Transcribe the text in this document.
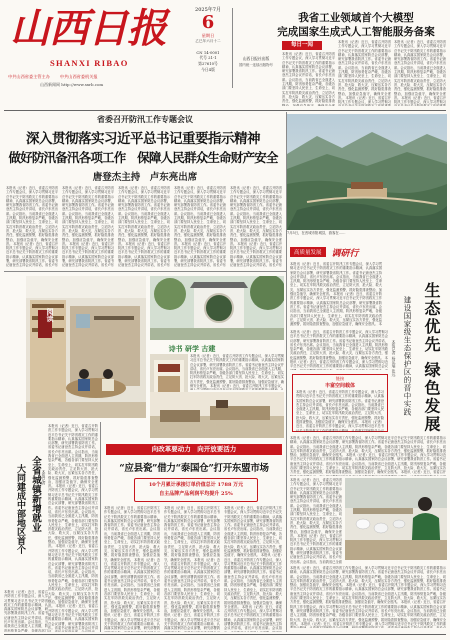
山西日报
SHANXI RIBAO
中共山西省委主管主办 中共山西省委机关报
山西新闻网 http://www.sxrb.com
2025年7月
6
星期日
乙巳年六月十二
CN 14-0001
代号 21-1
第27610号
今日4版
山西日报社出版
国内统一连续出版物号
我省工业领域首个大模型
完成国家生成式人工智能服务备案
每日一闻
本报讯（记者）近日，省委召开防汛工作专题会议，深入学习贯彻习近平总书记关于防汛救灾工作的重要指示精神，认真落实国家防总会议部署，研究部署我省防汛工作。省委书记唐登杰主持会议并讲话，省长卢东亮出席。会议指出，当前我省已全面进入主汛期，防汛形势复杂严峻，各级各部门要坚持人民至上、生命至上，切实扛牢防汛救灾政治责任，立足防大汛、抢大险、救大灾，压紧压实各方责任，强化监测预警，抓好隐患排查整治，加强应急值守，确保安全度汛。 本报讯（记者）近日，省委召开防汛工作专题会议，深入学习贯彻习近平总书记关于防汛救灾工作的重要指示精神，认真落实国家防总会议部署，研究部署我省防汛工作。省委书记唐登杰主持会议并讲话，省长卢东亮出席。会议指出，当前我省已全面进入主汛期，防汛形势复杂严峻，各级各部门要坚持人民至上、生命至上，切实扛牢防汛救灾政治责任，立足防大汛、抢大险、救大灾，压紧压实各方责任，强化监测预警，抓好隐患排查整治，加强应急值守，确保安全度汛。 本报讯（记者）近日，省委召开防汛工作专题会议，深入学习贯彻习近平总书记关于防汛救灾工作的重要指示精神，认真落实国家防总会议部署，研究部署我省防汛工作。省委书记唐登杰主持会议并讲话，省长卢东亮出席。会议指出，当前我省已全面进入主汛期，防汛形势复杂严峻，各级各部门要坚持人民至上、生命至上，切实扛牢防汛救灾政治责任，立足防大汛、抢大险、救大灾，压紧压实各方责任，强化监测预警，抓好隐患排查整治，加强应急值守，确保安全度汛。 本报讯（记者）近日，省委召开防汛工作专题会议，深入学习贯彻习近平总书记关于防汛救灾工作的重要指示精神，认真落实国家防总会议部署，研究部署我省防汛工作。省委书记唐登杰主持会议并讲话，省长卢东亮出席。会议指出，当前我省已全面进入主汛期，防汛形势复杂严峻，各级各部门要坚持人民至上、生命至上，切实扛牢防汛救灾政治责任，立足防大汛、抢大险、救大灾，压紧压实各方责任，强化监测预警，抓好隐患排查整治，加强应急值守，确保安全度汛。
本报讯（记者）近日，省委召开防汛工作专题会议，深入学习贯彻习近平总书记关于防汛救灾工作的重要指示精神，认真落实国家防总会议部署，研究部署我省防汛工作。省委书记唐登杰主持会议并讲话，省长卢东亮出席。会议指出，当前我省已全面进入主汛期，防汛形势复杂严峻，各级各部门要坚持人民至上、生命至上，切实扛牢防汛救灾政治责任，立足防大汛、抢大险、救大灾，压紧压实各方责任，强化监测预警，抓好隐患排查整治，加强应急值守，确保安全度汛。 本报讯（记者）近日，省委召开防汛工作专题会议，深入学习贯彻习近平总书记关于防汛救灾工作的重要指示精神，认真落实国家防总会议部署，研究部署我省防汛工作。省委书记唐登杰主持会议并讲话，省长卢东亮出席。会议指出，当前我省已全面进入主汛期，防汛形势复杂严峻，各级各部门要坚持人民至上、生命至上，切实扛牢防汛救灾政治责任，立足防大汛、抢大险、救大灾，压紧压实各方责任，强化监测预警，抓好隐患排查整治，加强应急值守，确保安全度汛。 本报讯（记者）近日，省委召开防汛工作专题会议，深入学习贯彻习近平总书记关于防汛救灾工作的重要指示精神，认真落实国家防总会议部署，研究部署我省防汛工作。省委书记唐登杰主持会议并讲话，省长卢东亮出席。会议指出，当前我省已全面进入主汛期，防汛形势复杂严峻，各级各部门要坚持人民至上、生命至上，切实扛牢防汛救灾政治责任，立足防大汛、抢大险、救大灾，压紧压实各方责任，强化监测预警，抓好隐患排查整治，加强应急值守，确保安全度汛。 本报讯（记者）近日，省委召开防汛工作专题会议，深入学习贯彻习近平总书记关于防汛救灾工作的重要指示精神，认真落实国家防总会议部署，研究部署我省防汛工作。省委书记唐登杰主持会议并讲话，省长卢东亮出席。会议指出，当前我省已全面进入主汛期，防汛形势复杂严峻，各级各部门要坚持人民至上、生命至上，切实扛牢防汛救灾政治责任，立足防大汛、抢大险、救大灾，压紧压实各方责任，强化监测预警，抓好隐患排查整治，加强应急值守，确保安全度汛。
本报讯（记者）近日，省委召开防汛工作专题会议，深入学习贯彻习近平总书记关于防汛救灾工作的重要指示精神，认真落实国家防总会议部署，研究部署我省防汛工作。省委书记唐登杰主持会议并讲话，省长卢东亮出席。会议指出，当前我省已全面进入主汛期，防汛形势复杂严峻，各级各部门要坚持人民至上、生命至上，切实扛牢防汛救灾政治责任，立足防大汛、抢大险、救大灾，压紧压实各方责任，强化监测预警，抓好隐患排查整治，加强应急值守，确保安全度汛。 本报讯（记者）近日，省委召开防汛工作专题会议，深入学习贯彻习近平总书记关于防汛救灾工作的重要指示精神，认真落实国家防总会议部署，研究部署我省防汛工作。省委书记唐登杰主持会议并讲话，省长卢东亮出席。会议指出，当前我省已全面进入主汛期，防汛形势复杂严峻，各级各部门要坚持人民至上、生命至上，切实扛牢防汛救灾政治责任，立足防大汛、抢大险、救大灾，压紧压实各方责任，强化监测预警，抓好隐患排查整治，加强应急值守，确保安全度汛。 本报讯（记者）近日，省委召开防汛工作专题会议，深入学习贯彻习近平总书记关于防汛救灾工作的重要指示精神，认真落实国家防总会议部署，研究部署我省防汛工作。省委书记唐登杰主持会议并讲话，省长卢东亮出席。会议指出，当前我省已全面进入主汛期，防汛形势复杂严峻，各级各部门要坚持人民至上、生命至上，切实扛牢防汛救灾政治责任，立足防大汛、抢大险、救大灾，压紧压实各方责任，强化监测预警，抓好隐患排查整治，加强应急值守，确保安全度汛。 本报讯（记者）近日，省委召开防汛工作专题会议，深入学习贯彻习近平总书记关于防汛救灾工作的重要指示精神，认真落实国家防总会议部署，研究部署我省防汛工作。省委书记唐登杰主持会议并讲话，省长卢东亮出席。会议指出，当前我省已全面进入主汛期，防汛形势复杂严峻，各级各部门要坚持人民至上、生命至上，切实扛牢防汛救灾政治责任，立足防大汛、抢大险、救大灾，压紧压实各方责任，强化监测预警，抓好隐患排查整治，加强应急值守，确保安全度汛。
省委召开防汛工作专题会议
深入贯彻落实习近平总书记重要指示精神
做好防汛备汛各项工作　保障人民群众生命财产安全
唐登杰主持　卢东亮出席
本报讯（记者）近日，省委召开防汛工作专题会议，深入学习贯彻习近平总书记关于防汛救灾工作的重要指示精神，认真落实国家防总会议部署，研究部署我省防汛工作。省委书记唐登杰主持会议并讲话，省长卢东亮出席。会议指出，当前我省已全面进入主汛期，防汛形势复杂严峻，各级各部门要坚持人民至上、生命至上，切实扛牢防汛救灾政治责任，立足防大汛、抢大险、救大灾，压紧压实各方责任，强化监测预警，抓好隐患排查整治，加强应急值守，确保安全度汛。 本报讯（记者）近日，省委召开防汛工作专题会议，深入学习贯彻习近平总书记关于防汛救灾工作的重要指示精神，认真落实国家防总会议部署，研究部署我省防汛工作。省委书记唐登杰主持会议并讲话，省长卢东亮出席。会议指出，当前我省已全面进入主汛期，防汛形势复杂严峻，各级各部门要坚持人民至上、生命至上，切实扛牢防汛救灾政治责任，立足防大汛、抢大险、救大灾，压紧压实各方责任，强化监测预警，抓好隐患排查整治，加强应急值守，确保安全度汛。 本报讯（记者）近日，省委召开防汛工作专题会议，深入学习贯彻习近平总书记关于防汛救灾工作的重要指示精神，认真落实国家防总会议部署，研究部署我省防汛工作。省委书记唐登杰主持会议并讲话，省长卢东亮出席。会议指出，当前我省已全面进入主汛期，防汛形势复杂严峻，各级各部门要坚持人民至上、生命至上，切实扛牢防汛救灾政治责任，立足防大汛、抢大险、救大灾，压紧压实各方责任，强化监测预警，抓好隐患排查整治，加强应急值守，确保安全度汛。 本报讯（记者）近日，省委召开防汛工作专题会议，深入学习贯彻习近平总书记关于防汛救灾工作的重要指示精神，认真落实国家防总会议部署，研究部署我省防汛工作。省委书记唐登杰主持会议并讲话，省长卢东亮出席。会议指出，当前我省已全面进入主汛期，防汛形势复杂严峻，各级各部门要坚持人民至上、生命至上，切实扛牢防汛救灾政治责任，立足防大汛、抢大险、救大灾，压紧压实各方责任，强化监测预警，抓好隐患排查整治，加强应急值守，确保安全度汛。
本报讯（记者）近日，省委召开防汛工作专题会议，深入学习贯彻习近平总书记关于防汛救灾工作的重要指示精神，认真落实国家防总会议部署，研究部署我省防汛工作。省委书记唐登杰主持会议并讲话，省长卢东亮出席。会议指出，当前我省已全面进入主汛期，防汛形势复杂严峻，各级各部门要坚持人民至上、生命至上，切实扛牢防汛救灾政治责任，立足防大汛、抢大险、救大灾，压紧压实各方责任，强化监测预警，抓好隐患排查整治，加强应急值守，确保安全度汛。 本报讯（记者）近日，省委召开防汛工作专题会议，深入学习贯彻习近平总书记关于防汛救灾工作的重要指示精神，认真落实国家防总会议部署，研究部署我省防汛工作。省委书记唐登杰主持会议并讲话，省长卢东亮出席。会议指出，当前我省已全面进入主汛期，防汛形势复杂严峻，各级各部门要坚持人民至上、生命至上，切实扛牢防汛救灾政治责任，立足防大汛、抢大险、救大灾，压紧压实各方责任，强化监测预警，抓好隐患排查整治，加强应急值守，确保安全度汛。 本报讯（记者）近日，省委召开防汛工作专题会议，深入学习贯彻习近平总书记关于防汛救灾工作的重要指示精神，认真落实国家防总会议部署，研究部署我省防汛工作。省委书记唐登杰主持会议并讲话，省长卢东亮出席。会议指出，当前我省已全面进入主汛期，防汛形势复杂严峻，各级各部门要坚持人民至上、生命至上，切实扛牢防汛救灾政治责任，立足防大汛、抢大险、救大灾，压紧压实各方责任，强化监测预警，抓好隐患排查整治，加强应急值守，确保安全度汛。 本报讯（记者）近日，省委召开防汛工作专题会议，深入学习贯彻习近平总书记关于防汛救灾工作的重要指示精神，认真落实国家防总会议部署，研究部署我省防汛工作。省委书记唐登杰主持会议并讲话，省长卢东亮出席。会议指出，当前我省已全面进入主汛期，防汛形势复杂严峻，各级各部门要坚持人民至上、生命至上，切实扛牢防汛救灾政治责任，立足防大汛、抢大险、救大灾，压紧压实各方责任，强化监测预警，抓好隐患排查整治，加强应急值守，确保安全度汛。
本报讯（记者）近日，省委召开防汛工作专题会议，深入学习贯彻习近平总书记关于防汛救灾工作的重要指示精神，认真落实国家防总会议部署，研究部署我省防汛工作。省委书记唐登杰主持会议并讲话，省长卢东亮出席。会议指出，当前我省已全面进入主汛期，防汛形势复杂严峻，各级各部门要坚持人民至上、生命至上，切实扛牢防汛救灾政治责任，立足防大汛、抢大险、救大灾，压紧压实各方责任，强化监测预警，抓好隐患排查整治，加强应急值守，确保安全度汛。 本报讯（记者）近日，省委召开防汛工作专题会议，深入学习贯彻习近平总书记关于防汛救灾工作的重要指示精神，认真落实国家防总会议部署，研究部署我省防汛工作。省委书记唐登杰主持会议并讲话，省长卢东亮出席。会议指出，当前我省已全面进入主汛期，防汛形势复杂严峻，各级各部门要坚持人民至上、生命至上，切实扛牢防汛救灾政治责任，立足防大汛、抢大险、救大灾，压紧压实各方责任，强化监测预警，抓好隐患排查整治，加强应急值守，确保安全度汛。 本报讯（记者）近日，省委召开防汛工作专题会议，深入学习贯彻习近平总书记关于防汛救灾工作的重要指示精神，认真落实国家防总会议部署，研究部署我省防汛工作。省委书记唐登杰主持会议并讲话，省长卢东亮出席。会议指出，当前我省已全面进入主汛期，防汛形势复杂严峻，各级各部门要坚持人民至上、生命至上，切实扛牢防汛救灾政治责任，立足防大汛、抢大险、救大灾，压紧压实各方责任，强化监测预警，抓好隐患排查整治，加强应急值守，确保安全度汛。 本报讯（记者）近日，省委召开防汛工作专题会议，深入学习贯彻习近平总书记关于防汛救灾工作的重要指示精神，认真落实国家防总会议部署，研究部署我省防汛工作。省委书记唐登杰主持会议并讲话，省长卢东亮出席。会议指出，当前我省已全面进入主汛期，防汛形势复杂严峻，各级各部门要坚持人民至上、生命至上，切实扛牢防汛救灾政治责任，立足防大汛、抢大险、救大灾，压紧压实各方责任，强化监测预警，抓好隐患排查整治，加强应急值守，确保安全度汛。
本报讯（记者）近日，省委召开防汛工作专题会议，深入学习贯彻习近平总书记关于防汛救灾工作的重要指示精神，认真落实国家防总会议部署，研究部署我省防汛工作。省委书记唐登杰主持会议并讲话，省长卢东亮出席。会议指出，当前我省已全面进入主汛期，防汛形势复杂严峻，各级各部门要坚持人民至上、生命至上，切实扛牢防汛救灾政治责任，立足防大汛、抢大险、救大灾，压紧压实各方责任，强化监测预警，抓好隐患排查整治，加强应急值守，确保安全度汛。 本报讯（记者）近日，省委召开防汛工作专题会议，深入学习贯彻习近平总书记关于防汛救灾工作的重要指示精神，认真落实国家防总会议部署，研究部署我省防汛工作。省委书记唐登杰主持会议并讲话，省长卢东亮出席。会议指出，当前我省已全面进入主汛期，防汛形势复杂严峻，各级各部门要坚持人民至上、生命至上，切实扛牢防汛救灾政治责任，立足防大汛、抢大险、救大灾，压紧压实各方责任，强化监测预警，抓好隐患排查整治，加强应急值守，确保安全度汛。 本报讯（记者）近日，省委召开防汛工作专题会议，深入学习贯彻习近平总书记关于防汛救灾工作的重要指示精神，认真落实国家防总会议部署，研究部署我省防汛工作。省委书记唐登杰主持会议并讲话，省长卢东亮出席。会议指出，当前我省已全面进入主汛期，防汛形势复杂严峻，各级各部门要坚持人民至上、生命至上，切实扛牢防汛救灾政治责任，立足防大汛、抢大险、救大灾，压紧压实各方责任，强化监测预警，抓好隐患排查整治，加强应急值守，确保安全度汛。 本报讯（记者）近日，省委召开防汛工作专题会议，深入学习贯彻习近平总书记关于防汛救灾工作的重要指示精神，认真落实国家防总会议部署，研究部署我省防汛工作。省委书记唐登杰主持会议并讲话，省长卢东亮出席。会议指出，当前我省已全面进入主汛期，防汛形势复杂严峻，各级各部门要坚持人民至上、生命至上，切实扛牢防汛救灾政治责任，立足防大汛、抢大险、救大灾，压紧压实各方责任，强化监测预警，抓好隐患排查整治，加强应急值守，确保安全度汛。
本报讯（记者）近日，省委召开防汛工作专题会议，深入学习贯彻习近平总书记关于防汛救灾工作的重要指示精神，认真落实国家防总会议部署，研究部署我省防汛工作。省委书记唐登杰主持会议并讲话，省长卢东亮出席。会议指出，当前我省已全面进入主汛期，防汛形势复杂严峻，各级各部门要坚持人民至上、生命至上，切实扛牢防汛救灾政治责任，立足防大汛、抢大险、救大灾，压紧压实各方责任，强化监测预警，抓好隐患排查整治，加强应急值守，确保安全度汛。 本报讯（记者）近日，省委召开防汛工作专题会议，深入学习贯彻习近平总书记关于防汛救灾工作的重要指示精神，认真落实国家防总会议部署，研究部署我省防汛工作。省委书记唐登杰主持会议并讲话，省长卢东亮出席。会议指出，当前我省已全面进入主汛期，防汛形势复杂严峻，各级各部门要坚持人民至上、生命至上，切实扛牢防汛救灾政治责任，立足防大汛、抢大险、救大灾，压紧压实各方责任，强化监测预警，抓好隐患排查整治，加强应急值守，确保安全度汛。 本报讯（记者）近日，省委召开防汛工作专题会议，深入学习贯彻习近平总书记关于防汛救灾工作的重要指示精神，认真落实国家防总会议部署，研究部署我省防汛工作。省委书记唐登杰主持会议并讲话，省长卢东亮出席。会议指出，当前我省已全面进入主汛期，防汛形势复杂严峻，各级各部门要坚持人民至上、生命至上，切实扛牢防汛救灾政治责任，立足防大汛、抢大险、救大灾，压紧压实各方责任，强化监测预警，抓好隐患排查整治，加强应急值守，确保安全度汛。 本报讯（记者）近日，省委召开防汛工作专题会议，深入学习贯彻习近平总书记关于防汛救灾工作的重要指示精神，认真落实国家防总会议部署，研究部署我省防汛工作。省委书记唐登杰主持会议并讲话，省长卢东亮出席。会议指出，当前我省已全面进入主汛期，防汛形势复杂严峻，各级各部门要坚持人民至上、生命至上，切实扛牢防汛救灾政治责任，立足防大汛、抢大险、救大灾，压紧压实各方责任，强化监测预警，抓好隐患排查整治，加强应急值守，确保安全度汛。
7月5日，在晋城市阳城县，游客在……
高质量发展	调研行
本报讯（记者）近日，省委召开防汛工作专题会议，深入学习贯彻习近平总书记关于防汛救灾工作的重要指示精神，认真落实国家防总会议部署，研究部署我省防汛工作。省委书记唐登杰主持会议并讲话，省长卢东亮出席。会议指出，当前我省已全面进入主汛期，防汛形势复杂严峻，各级各部门要坚持人民至上、生命至上，切实扛牢防汛救灾政治责任，立足防大汛、抢大险、救大灾，压紧压实各方责任，强化监测预警，抓好隐患排查整治，加强应急值守，确保安全度汛。 本报讯（记者）近日，省委召开防汛工作专题会议，深入学习贯彻习近平总书记关于防汛救灾工作的重要指示精神，认真落实国家防总会议部署，研究部署我省防汛工作。省委书记唐登杰主持会议并讲话，省长卢东亮出席。会议指出，当前我省已全面进入主汛期，防汛形势复杂严峻，各级各部门要坚持人民至上、生命至上，切实扛牢防汛救灾政治责任，立足防大汛、抢大险、救大灾，压紧压实各方责任，强化监测预警，抓好隐患排查整治，加强应急值守，确保安全度汛。 本报讯（记者）近日，省委召开防汛工作专题会议，深入学习贯彻习近平总书记关于防汛救灾工作的重要指示精神，认真落实国家防总会议部署，研究部署我省防汛工作。省委书记唐登杰主持会议并讲话，省长卢东亮出席。会议指出，当前我省已全面进入主汛期，防汛形势复杂严峻，各级各部门要坚持人民至上、生命至上，切实扛牢防汛救灾政治责任，立足防大汛、抢大险、救大灾，压紧压实各方责任，强化监测预警，抓好隐患排查整治，加强应急值守，确保安全度汛。 本报讯（记者）近日，省委召开防汛工作专题会议，深入学习贯彻习近平总书记关于防汛救灾工作的重要指示精神，认真落实国家防总会议部署，研究部署我省防汛工作。省委书记唐登杰主持会议并讲话，省长卢东亮出席。会议指出，当前我省已全面进入主汛期，防汛形势复杂严峻，各级各部门要坚持人民至上、生命至上，切实扛牢防汛救灾政治责任，立足防大汛、抢大险、救大灾，压紧压实各方责任，强化监测预警，抓好隐患排查整治，加强应急值守，确保安全度汛。
生态优先 绿色发展
建设国家级生态保护区的晋中实践
本报记者 杨弘瑞 张远
本报讯（记者）近日，省委召开防汛工作专题会议，深入学习贯彻习近平总书记关于防汛救灾工作的重要指示精神，认真落实国家防总会议部署，研究部署我省防汛工作。省委书记唐登杰主持会议并讲话，省长卢东亮出席。会议指出，当前我省已全面进入主汛期，防汛形势复杂严峻，各级各部门要坚持人民至上、生命至上，切实扛牢防汛救灾政治责任，立足防大汛、抢大险、救大灾，压紧压实各方责任，强化监测预警，抓好隐患排查整治，加强应急值守，确保安全度汛。 本报讯（记者）近日，省委召开防汛工作专题会议，深入学习贯彻习近平总书记关于防汛救灾工作的重要指示精神，认真落实国家防总会议部署，研究部署我省防汛工作。省委书记唐登杰主持会议并讲话，省长卢东亮出席。会议指出，当前我省已全面进入主汛期，防汛形势复杂严峻，各级各部门要坚持人民至上、生命至上，切实扛牢防汛救灾政治责任，立足防大汛、抢大险、救大灾，压紧压实各方责任，强化监测预警，抓好隐患排查整治，加强应急值守，确保安全度汛。 本报讯（记者）近日，省委召开防汛工作专题会议，深入学习贯彻习近平总书记关于防汛救灾工作的重要指示精神，认真落实国家防总会议部署，研究部署我省防汛工作。省委书记唐登杰主持会议并讲话，省长卢东亮出席。会议指出，当前我省已全面进入主汛期，防汛形势复杂严峻，各级各部门要坚持人民至上、生命至上，切实扛牢防汛救灾政治责任，立足防大汛、抢大险、救大灾，压紧压实各方责任，强化监测预警，抓好隐患排查整治，加强应急值守，确保安全度汛。 本报讯（记者）近日，省委召开防汛工作专题会议，深入学习贯彻习近平总书记关于防汛救灾工作的重要指示精神，认真落实国家防总会议部署，研究部署我省防汛工作。省委书记唐登杰主持会议并讲话，省长卢东亮出席。会议指出，当前我省已全面进入主汛期，防汛形势复杂严峻，各级各部门要坚持人民至上、生命至上，切实扛牢防汛救灾政治责任，立足防大汛、抢大险、救大灾，压紧压实各方责任，强化监测预警，抓好隐患排查整治，加强应急值守，确保安全度汛。
链接
丰富空间载体
本报讯（记者）近日，省委召开防汛工作专题会议，深入学习贯彻习近平总书记关于防汛救灾工作的重要指示精神，认真落实国家防总会议部署，研究部署我省防汛工作。省委书记唐登杰主持会议并讲话，省长卢东亮出席。会议指出，当前我省已全面进入主汛期，防汛形势复杂严峻，各级各部门要坚持人民至上、生命至上，切实扛牢防汛救灾政治责任，立足防大汛、抢大险、救大灾，压紧压实各方责任，强化监测预警，抓好隐患排查整治，加强应急值守，确保安全度汛。 本报讯（记者）近日，省委召开防汛工作专题会议，深入学习贯彻习近平总书记关于防汛救灾工作的重要指示精神，认真落实国家防总会议部署，研究部署我省防汛工作。省委书记唐登杰主持会议并讲话，省长卢东亮出席。会议指出，当前我省已全面进入主汛期，防汛形势复杂严峻，各级各部门要坚持人民至上、生命至上，切实扛牢防汛救灾政治责任，立足防大汛、抢大险、救大灾，压紧压实各方责任，强化监测预警，抓好隐患排查整治，加强应急值守，确保安全度汛。 本报讯（记者）近日，省委召开防汛工作专题会议，深入学习贯彻习近平总书记关于防汛救灾工作的重要指示精神，认真落实国家防总会议部署，研究部署我省防汛工作。省委书记唐登杰主持会议并讲话，省长卢东亮出席。会议指出，当前我省已全面进入主汛期，防汛形势复杂严峻，各级各部门要坚持人民至上、生命至上，切实扛牢防汛救灾政治责任，立足防大汛、抢大险、救大灾，压紧压实各方责任，强化监测预警，抓好隐患排查整治，加强应急值守，确保安全度汛。 本报讯（记者）近日，省委召开防汛工作专题会议，深入学习贯彻习近平总书记关于防汛救灾工作的重要指示精神，认真落实国家防总会议部署，研究部署我省防汛工作。省委书记唐登杰主持会议并讲话，省长卢东亮出席。会议指出，当前我省已全面进入主汛期，防汛形势复杂严峻，各级各部门要坚持人民至上、生命至上，切实扛牢防汛救灾政治责任，立足防大汛、抢大险、救大灾，压紧压实各方责任，强化监测预警，抓好隐患排查整治，加强应急值守，确保安全度汛。
本报讯（记者）近日，省委召开防汛工作专题会议，深入学习贯彻习近平总书记关于防汛救灾工作的重要指示精神，认真落实国家防总会议部署，研究部署我省防汛工作。省委书记唐登杰主持会议并讲话，省长卢东亮出席。会议指出，当前我省已全面进入主汛期，防汛形势复杂严峻，各级各部门要坚持人民至上、生命至上，切实扛牢防汛救灾政治责任，立足防大汛、抢大险、救大灾，压紧压实各方责任，强化监测预警，抓好隐患排查整治，加强应急值守，确保安全度汛。 本报讯（记者）近日，省委召开防汛工作专题会议，深入学习贯彻习近平总书记关于防汛救灾工作的重要指示精神，认真落实国家防总会议部署，研究部署我省防汛工作。省委书记唐登杰主持会议并讲话，省长卢东亮出席。会议指出，当前我省已全面进入主汛期，防汛形势复杂严峻，各级各部门要坚持人民至上、生命至上，切实扛牢防汛救灾政治责任，立足防大汛、抢大险、救大灾，压紧压实各方责任，强化监测预警，抓好隐患排查整治，加强应急值守，确保安全度汛。 本报讯（记者）近日，省委召开防汛工作专题会议，深入学习贯彻习近平总书记关于防汛救灾工作的重要指示精神，认真落实国家防总会议部署，研究部署我省防汛工作。省委书记唐登杰主持会议并讲话，省长卢东亮出席。会议指出，当前我省已全面进入主汛期，防汛形势复杂严峻，各级各部门要坚持人民至上、生命至上，切实扛牢防汛救灾政治责任，立足防大汛、抢大险、救大灾，压紧压实各方责任，强化监测预警，抓好隐患排查整治，加强应急值守，确保安全度汛。 本报讯（记者）近日，省委召开防汛工作专题会议，深入学习贯彻习近平总书记关于防汛救灾工作的重要指示精神，认真落实国家防总会议部署，研究部署我省防汛工作。省委书记唐登杰主持会议并讲话，省长卢东亮出席。会议指出，当前我省已全面进入主汛期，防汛形势复杂严峻，各级各部门要坚持人民至上、生命至上，切实扛牢防汛救灾政治责任，立足防大汛、抢大险、救大灾，压紧压实各方责任，强化监测预警，抓好隐患排查整治，加强应急值守，确保安全度汛。
本报讯（记者）近日，省委召开防汛工作专题会议，深入学习贯彻习近平总书记关于防汛救灾工作的重要指示精神，认真落实国家防总会议部署，研究部署我省防汛工作。省委书记唐登杰主持会议并讲话，省长卢东亮出席。会议指出，当前我省已全面进入主汛期，防汛形势复杂严峻，各级各部门要坚持人民至上、生命至上，切实扛牢防汛救灾政治责任，立足防大汛、抢大险、救大灾，压紧压实各方责任，强化监测预警，抓好隐患排查整治，加强应急值守，确保安全度汛。 本报讯（记者）近日，省委召开防汛工作专题会议，深入学习贯彻习近平总书记关于防汛救灾工作的重要指示精神，认真落实国家防总会议部署，研究部署我省防汛工作。省委书记唐登杰主持会议并讲话，省长卢东亮出席。会议指出，当前我省已全面进入主汛期，防汛形势复杂严峻，各级各部门要坚持人民至上、生命至上，切实扛牢防汛救灾政治责任，立足防大汛、抢大险、救大灾，压紧压实各方责任，强化监测预警，抓好隐患排查整治，加强应急值守，确保安全度汛。 本报讯（记者）近日，省委召开防汛工作专题会议，深入学习贯彻习近平总书记关于防汛救灾工作的重要指示精神，认真落实国家防总会议部署，研究部署我省防汛工作。省委书记唐登杰主持会议并讲话，省长卢东亮出席。会议指出，当前我省已全面进入主汛期，防汛形势复杂严峻，各级各部门要坚持人民至上、生命至上，切实扛牢防汛救灾政治责任，立足防大汛、抢大险、救大灾，压紧压实各方责任，强化监测预警，抓好隐患排查整治，加强应急值守，确保安全度汛。 本报讯（记者）近日，省委召开防汛工作专题会议，深入学习贯彻习近平总书记关于防汛救灾工作的重要指示精神，认真落实国家防总会议部署，研究部署我省防汛工作。省委书记唐登杰主持会议并讲话，省长卢东亮出席。会议指出，当前我省已全面进入主汛期，防汛形势复杂严峻，各级各部门要坚持人民至上、生命至上，切实扛牢防汛救灾政治责任，立足防大汛、抢大险、救大灾，压紧压实各方责任，强化监测预警，抓好隐患排查整治，加强应急值守，确保安全度汛。
本报讯（记者）近日，省委召开防汛工作专题会议，深入学习贯彻习近平总书记关于防汛救灾工作的重要指示精神，认真落实国家防总会议部署，研究部署我省防汛工作。省委书记唐登杰主持会议并讲话，省长卢东亮出席。会议指出，当前我省已全面进入主汛期，防汛形势复杂严峻，各级各部门要坚持人民至上、生命至上，切实扛牢防汛救灾政治责任，立足防大汛、抢大险、救大灾，压紧压实各方责任，强化监测预警，抓好隐患排查整治，加强应急值守，确保安全度汛。 本报讯（记者）近日，省委召开防汛工作专题会议，深入学习贯彻习近平总书记关于防汛救灾工作的重要指示精神，认真落实国家防总会议部署，研究部署我省防汛工作。省委书记唐登杰主持会议并讲话，省长卢东亮出席。会议指出，当前我省已全面进入主汛期，防汛形势复杂严峻，各级各部门要坚持人民至上、生命至上，切实扛牢防汛救灾政治责任，立足防大汛、抢大险、救大灾，压紧压实各方责任，强化监测预警，抓好隐患排查整治，加强应急值守，确保安全度汛。 本报讯（记者）近日，省委召开防汛工作专题会议，深入学习贯彻习近平总书记关于防汛救灾工作的重要指示精神，认真落实国家防总会议部署，研究部署我省防汛工作。省委书记唐登杰主持会议并讲话，省长卢东亮出席。会议指出，当前我省已全面进入主汛期，防汛形势复杂严峻，各级各部门要坚持人民至上、生命至上，切实扛牢防汛救灾政治责任，立足防大汛、抢大险、救大灾，压紧压实各方责任，强化监测预警，抓好隐患排查整治，加强应急值守，确保安全度汛。 本报讯（记者）近日，省委召开防汛工作专题会议，深入学习贯彻习近平总书记关于防汛救灾工作的重要指示精神，认真落实国家防总会议部署，研究部署我省防汛工作。省委书记唐登杰主持会议并讲话，省长卢东亮出席。会议指出，当前我省已全面进入主汛期，防汛形势复杂严峻，各级各部门要坚持人民至上、生命至上，切实扛牢防汛救灾政治责任，立足防大汛、抢大险、救大灾，压紧压实各方责任，强化监测预警，抓好隐患排查整治，加强应急值守，确保安全度汛。
阅读
诗书 研学 古建
本报讯（记者）近日，省委召开防汛工作专题会议，深入学习贯彻习近平总书记关于防汛救灾工作的重要指示精神，认真落实国家防总会议部署，研究部署我省防汛工作。省委书记唐登杰主持会议并讲话，省长卢东亮出席。会议指出，当前我省已全面进入主汛期，防汛形势复杂严峻，各级各部门要坚持人民至上、生命至上，切实扛牢防汛救灾政治责任，立足防大汛、抢大险、救大灾，压紧压实各方责任，强化监测预警，抓好隐患排查整治，加强应急值守，确保安全度汛。 本报讯（记者）近日，省委召开防汛工作专题会议，深入学习贯彻习近平总书记关于防汛救灾工作的重要指示精神，认真落实国家防总会议部署，研究部署我省防汛工作。省委书记唐登杰主持会议并讲话，省长卢东亮出席。会议指出，当前我省已全面进入主汛期，防汛形势复杂严峻，各级各部门要坚持人民至上、生命至上，切实扛牢防汛救灾政治责任，立足防大汛、抢大险、救大灾，压紧压实各方责任，强化监测预警，抓好隐患排查整治，加强应急值守，确保安全度汛。 本报讯（记者）近日，省委召开防汛工作专题会议，深入学习贯彻习近平总书记关于防汛救灾工作的重要指示精神，认真落实国家防总会议部署，研究部署我省防汛工作。省委书记唐登杰主持会议并讲话，省长卢东亮出席。会议指出，当前我省已全面进入主汛期，防汛形势复杂严峻，各级各部门要坚持人民至上、生命至上，切实扛牢防汛救灾政治责任，立足防大汛、抢大险、救大灾，压紧压实各方责任，强化监测预警，抓好隐患排查整治，加强应急值守，确保安全度汛。 本报讯（记者）近日，省委召开防汛工作专题会议，深入学习贯彻习近平总书记关于防汛救灾工作的重要指示精神，认真落实国家防总会议部署，研究部署我省防汛工作。省委书记唐登杰主持会议并讲话，省长卢东亮出席。会议指出，当前我省已全面进入主汛期，防汛形势复杂严峻，各级各部门要坚持人民至上、生命至上，切实扛牢防汛救灾政治责任，立足防大汛、抢大险、救大灾，压紧压实各方责任，强化监测预警，抓好隐患排查整治，加强应急值守，确保安全度汛。
全省城镇新增就业
大同建成中部地区首个	本报记者
本报讯（记者）近日，省委召开防汛工作专题会议，深入学习贯彻习近平总书记关于防汛救灾工作的重要指示精神，认真落实国家防总会议部署，研究部署我省防汛工作。省委书记唐登杰主持会议并讲话，省长卢东亮出席。会议指出，当前我省已全面进入主汛期，防汛形势复杂严峻，各级各部门要坚持人民至上、生命至上，切实扛牢防汛救灾政治责任，立足防大汛、抢大险、救大灾，压紧压实各方责任，强化监测预警，抓好隐患排查整治，加强应急值守，确保安全度汛。 本报讯（记者）近日，省委召开防汛工作专题会议，深入学习贯彻习近平总书记关于防汛救灾工作的重要指示精神，认真落实国家防总会议部署，研究部署我省防汛工作。省委书记唐登杰主持会议并讲话，省长卢东亮出席。会议指出，当前我省已全面进入主汛期，防汛形势复杂严峻，各级各部门要坚持人民至上、生命至上，切实扛牢防汛救灾政治责任，立足防大汛、抢大险、救大灾，压紧压实各方责任，强化监测预警，抓好隐患排查整治，加强应急值守，确保安全度汛。 本报讯（记者）近日，省委召开防汛工作专题会议，深入学习贯彻习近平总书记关于防汛救灾工作的重要指示精神，认真落实国家防总会议部署，研究部署我省防汛工作。省委书记唐登杰主持会议并讲话，省长卢东亮出席。会议指出，当前我省已全面进入主汛期，防汛形势复杂严峻，各级各部门要坚持人民至上、生命至上，切实扛牢防汛救灾政治责任，立足防大汛、抢大险、救大灾，压紧压实各方责任，强化监测预警，抓好隐患排查整治，加强应急值守，确保安全度汛。 本报讯（记者）近日，省委召开防汛工作专题会议，深入学习贯彻习近平总书记关于防汛救灾工作的重要指示精神，认真落实国家防总会议部署，研究部署我省防汛工作。省委书记唐登杰主持会议并讲话，省长卢东亮出席。会议指出，当前我省已全面进入主汛期，防汛形势复杂严峻，各级各部门要坚持人民至上、生命至上，切实扛牢防汛救灾政治责任，立足防大汛、抢大险、救大灾，压紧压实各方责任，强化监测预警，抓好隐患排查整治，加强应急值守，确保安全度汛。
本报讯（记者）近日，省委召开防汛工作专题会议，深入学习贯彻习近平总书记关于防汛救灾工作的重要指示精神，认真落实国家防总会议部署，研究部署我省防汛工作。省委书记唐登杰主持会议并讲话，省长卢东亮出席。会议指出，当前我省已全面进入主汛期，防汛形势复杂严峻，各级各部门要坚持人民至上、生命至上，切实扛牢防汛救灾政治责任，立足防大汛、抢大险、救大灾，压紧压实各方责任，强化监测预警，抓好隐患排查整治，加强应急值守，确保安全度汛。 本报讯（记者）近日，省委召开防汛工作专题会议，深入学习贯彻习近平总书记关于防汛救灾工作的重要指示精神，认真落实国家防总会议部署，研究部署我省防汛工作。省委书记唐登杰主持会议并讲话，省长卢东亮出席。会议指出，当前我省已全面进入主汛期，防汛形势复杂严峻，各级各部门要坚持人民至上、生命至上，切实扛牢防汛救灾政治责任，立足防大汛、抢大险、救大灾，压紧压实各方责任，强化监测预警，抓好隐患排查整治，加强应急值守，确保安全度汛。 本报讯（记者）近日，省委召开防汛工作专题会议，深入学习贯彻习近平总书记关于防汛救灾工作的重要指示精神，认真落实国家防总会议部署，研究部署我省防汛工作。省委书记唐登杰主持会议并讲话，省长卢东亮出席。会议指出，当前我省已全面进入主汛期，防汛形势复杂严峻，各级各部门要坚持人民至上、生命至上，切实扛牢防汛救灾政治责任，立足防大汛、抢大险、救大灾，压紧压实各方责任，强化监测预警，抓好隐患排查整治，加强应急值守，确保安全度汛。 本报讯（记者）近日，省委召开防汛工作专题会议，深入学习贯彻习近平总书记关于防汛救灾工作的重要指示精神，认真落实国家防总会议部署，研究部署我省防汛工作。省委书记唐登杰主持会议并讲话，省长卢东亮出席。会议指出，当前我省已全面进入主汛期，防汛形势复杂严峻，各级各部门要坚持人民至上、生命至上，切实扛牢防汛救灾政治责任，立足防大汛、抢大险、救大灾，压紧压实各方责任，强化监测预警，抓好隐患排查整治，加强应急值守，确保安全度汛。
向改革要动力　向开放要活力
“应县瓷”借力“泰国仓”打开东盟市场
10个月累计承接订单价值总计 1788 万元
自主品牌产品利润平均提升 25%
本报讯（记者）近日，省委召开防汛工作专题会议，深入学习贯彻习近平总书记关于防汛救灾工作的重要指示精神，认真落实国家防总会议部署，研究部署我省防汛工作。省委书记唐登杰主持会议并讲话，省长卢东亮出席。会议指出，当前我省已全面进入主汛期，防汛形势复杂严峻，各级各部门要坚持人民至上、生命至上，切实扛牢防汛救灾政治责任，立足防大汛、抢大险、救大灾，压紧压实各方责任，强化监测预警，抓好隐患排查整治，加强应急值守，确保安全度汛。 本报讯（记者）近日，省委召开防汛工作专题会议，深入学习贯彻习近平总书记关于防汛救灾工作的重要指示精神，认真落实国家防总会议部署，研究部署我省防汛工作。省委书记唐登杰主持会议并讲话，省长卢东亮出席。会议指出，当前我省已全面进入主汛期，防汛形势复杂严峻，各级各部门要坚持人民至上、生命至上，切实扛牢防汛救灾政治责任，立足防大汛、抢大险、救大灾，压紧压实各方责任，强化监测预警，抓好隐患排查整治，加强应急值守，确保安全度汛。 本报讯（记者）近日，省委召开防汛工作专题会议，深入学习贯彻习近平总书记关于防汛救灾工作的重要指示精神，认真落实国家防总会议部署，研究部署我省防汛工作。省委书记唐登杰主持会议并讲话，省长卢东亮出席。会议指出，当前我省已全面进入主汛期，防汛形势复杂严峻，各级各部门要坚持人民至上、生命至上，切实扛牢防汛救灾政治责任，立足防大汛、抢大险、救大灾，压紧压实各方责任，强化监测预警，抓好隐患排查整治，加强应急值守，确保安全度汛。 本报讯（记者）近日，省委召开防汛工作专题会议，深入学习贯彻习近平总书记关于防汛救灾工作的重要指示精神，认真落实国家防总会议部署，研究部署我省防汛工作。省委书记唐登杰主持会议并讲话，省长卢东亮出席。会议指出，当前我省已全面进入主汛期，防汛形势复杂严峻，各级各部门要坚持人民至上、生命至上，切实扛牢防汛救灾政治责任，立足防大汛、抢大险、救大灾，压紧压实各方责任，强化监测预警，抓好隐患排查整治，加强应急值守，确保安全度汛。
本报讯（记者）近日，省委召开防汛工作专题会议，深入学习贯彻习近平总书记关于防汛救灾工作的重要指示精神，认真落实国家防总会议部署，研究部署我省防汛工作。省委书记唐登杰主持会议并讲话，省长卢东亮出席。会议指出，当前我省已全面进入主汛期，防汛形势复杂严峻，各级各部门要坚持人民至上、生命至上，切实扛牢防汛救灾政治责任，立足防大汛、抢大险、救大灾，压紧压实各方责任，强化监测预警，抓好隐患排查整治，加强应急值守，确保安全度汛。 本报讯（记者）近日，省委召开防汛工作专题会议，深入学习贯彻习近平总书记关于防汛救灾工作的重要指示精神，认真落实国家防总会议部署，研究部署我省防汛工作。省委书记唐登杰主持会议并讲话，省长卢东亮出席。会议指出，当前我省已全面进入主汛期，防汛形势复杂严峻，各级各部门要坚持人民至上、生命至上，切实扛牢防汛救灾政治责任，立足防大汛、抢大险、救大灾，压紧压实各方责任，强化监测预警，抓好隐患排查整治，加强应急值守，确保安全度汛。 本报讯（记者）近日，省委召开防汛工作专题会议，深入学习贯彻习近平总书记关于防汛救灾工作的重要指示精神，认真落实国家防总会议部署，研究部署我省防汛工作。省委书记唐登杰主持会议并讲话，省长卢东亮出席。会议指出，当前我省已全面进入主汛期，防汛形势复杂严峻，各级各部门要坚持人民至上、生命至上，切实扛牢防汛救灾政治责任，立足防大汛、抢大险、救大灾，压紧压实各方责任，强化监测预警，抓好隐患排查整治，加强应急值守，确保安全度汛。 本报讯（记者）近日，省委召开防汛工作专题会议，深入学习贯彻习近平总书记关于防汛救灾工作的重要指示精神，认真落实国家防总会议部署，研究部署我省防汛工作。省委书记唐登杰主持会议并讲话，省长卢东亮出席。会议指出，当前我省已全面进入主汛期，防汛形势复杂严峻，各级各部门要坚持人民至上、生命至上，切实扛牢防汛救灾政治责任，立足防大汛、抢大险、救大灾，压紧压实各方责任，强化监测预警，抓好隐患排查整治，加强应急值守，确保安全度汛。
本报讯（记者）近日，省委召开防汛工作专题会议，深入学习贯彻习近平总书记关于防汛救灾工作的重要指示精神，认真落实国家防总会议部署，研究部署我省防汛工作。省委书记唐登杰主持会议并讲话，省长卢东亮出席。会议指出，当前我省已全面进入主汛期，防汛形势复杂严峻，各级各部门要坚持人民至上、生命至上，切实扛牢防汛救灾政治责任，立足防大汛、抢大险、救大灾，压紧压实各方责任，强化监测预警，抓好隐患排查整治，加强应急值守，确保安全度汛。 本报讯（记者）近日，省委召开防汛工作专题会议，深入学习贯彻习近平总书记关于防汛救灾工作的重要指示精神，认真落实国家防总会议部署，研究部署我省防汛工作。省委书记唐登杰主持会议并讲话，省长卢东亮出席。会议指出，当前我省已全面进入主汛期，防汛形势复杂严峻，各级各部门要坚持人民至上、生命至上，切实扛牢防汛救灾政治责任，立足防大汛、抢大险、救大灾，压紧压实各方责任，强化监测预警，抓好隐患排查整治，加强应急值守，确保安全度汛。 本报讯（记者）近日，省委召开防汛工作专题会议，深入学习贯彻习近平总书记关于防汛救灾工作的重要指示精神，认真落实国家防总会议部署，研究部署我省防汛工作。省委书记唐登杰主持会议并讲话，省长卢东亮出席。会议指出，当前我省已全面进入主汛期，防汛形势复杂严峻，各级各部门要坚持人民至上、生命至上，切实扛牢防汛救灾政治责任，立足防大汛、抢大险、救大灾，压紧压实各方责任，强化监测预警，抓好隐患排查整治，加强应急值守，确保安全度汛。 本报讯（记者）近日，省委召开防汛工作专题会议，深入学习贯彻习近平总书记关于防汛救灾工作的重要指示精神，认真落实国家防总会议部署，研究部署我省防汛工作。省委书记唐登杰主持会议并讲话，省长卢东亮出席。会议指出，当前我省已全面进入主汛期，防汛形势复杂严峻，各级各部门要坚持人民至上、生命至上，切实扛牢防汛救灾政治责任，立足防大汛、抢大险、救大灾，压紧压实各方责任，强化监测预警，抓好隐患排查整治，加强应急值守，确保安全度汛。
